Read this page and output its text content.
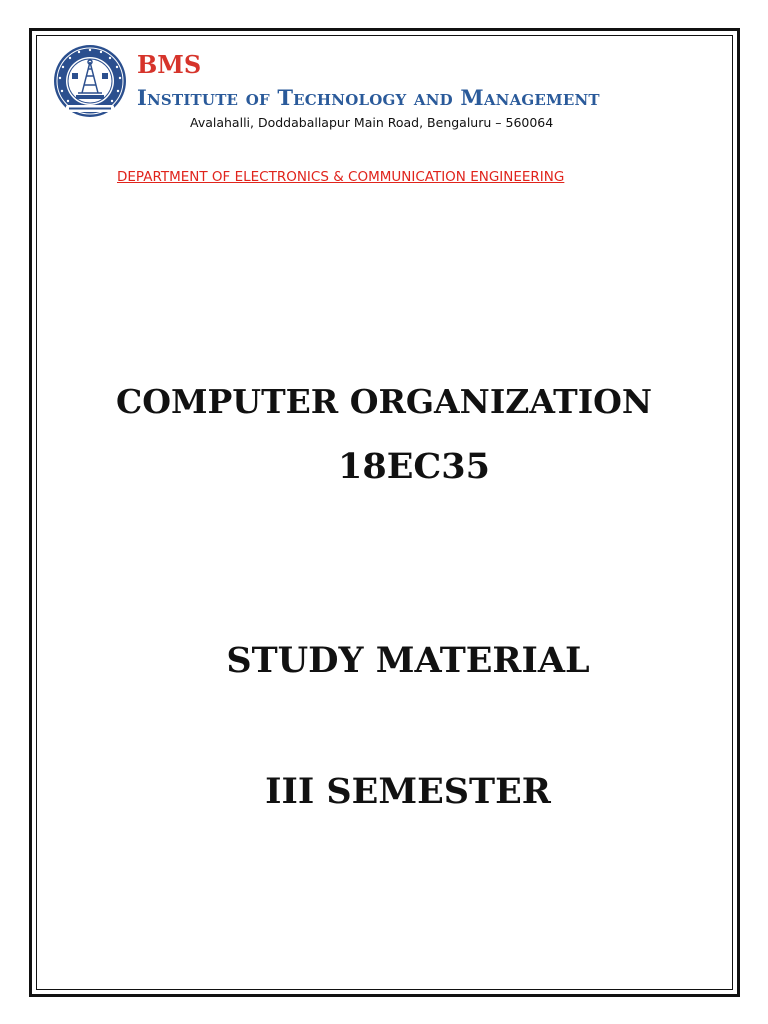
BMS
Institute of Technology and Management
Avalahalli, Doddaballapur Main Road, Bengaluru – 560064
DEPARTMENT OF ELECTRONICS & COMMUNICATION ENGINEERING
COMPUTER ORGANIZATION
18EC35
STUDY MATERIAL
III SEMESTER
